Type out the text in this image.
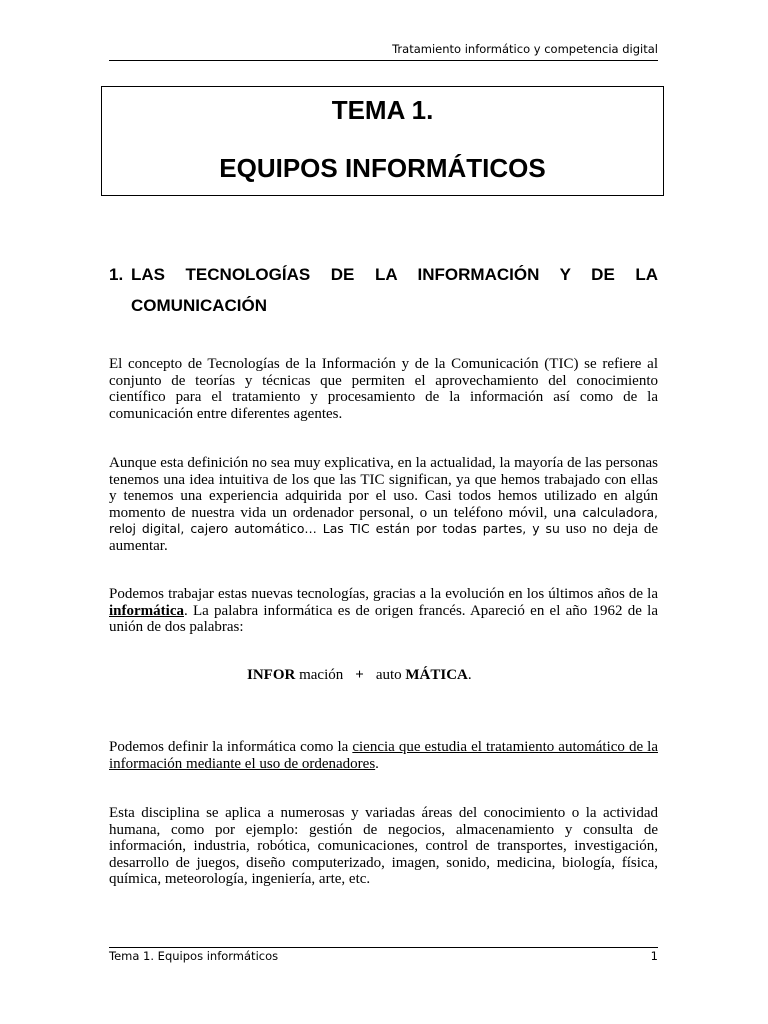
Tratamiento informático y competencia digital
TEMA 1.
EQUIPOS INFORMÁTICOS
1. LAS TECNOLOGÍAS DE LA INFORMACIÓN Y DE LA
COMUNICACIÓN

El concepto de Tecnologías de la Información y de la Comunicación (TIC) se refiere al conjunto de teorías y técnicas que permiten el aprovechamiento del conocimiento científico para el tratamiento y procesamiento de la información así como de la comunicación entre diferentes agentes.

Aunque esta definición no sea muy explicativa, en la actualidad, la mayoría de las personas tenemos una idea intuitiva de los que las TIC significan, ya que hemos trabajado con ellas y tenemos una experiencia adquirida por el uso. Casi todos hemos utilizado en algún momento de nuestra vida un ordenador personal, o un teléfono móvil, una calculadora, reloj digital, cajero automático… Las TIC están por todas partes, y su uso no deja de aumentar.

Podemos trabajar estas nuevas tecnologías, gracias a la evolución en los últimos años de la informática. La palabra informática es de origen francés. Apareció en el año 1962 de la unión de dos palabras:

INFOR mación + auto MÁTICA.

Podemos definir la informática como la ciencia que estudia el tratamiento automático de la información mediante el uso de ordenadores.

Esta disciplina se aplica a numerosas y variadas áreas del conocimiento o la actividad humana, como por ejemplo: gestión de negocios, almacenamiento y consulta de información, industria, robótica, comunicaciones, control de transportes, investigación, desarrollo de juegos, diseño computerizado, imagen, sonido, medicina, biología, física, química, meteorología, ingeniería, arte, etc.

Tema 1. Equipos informáticos	1
